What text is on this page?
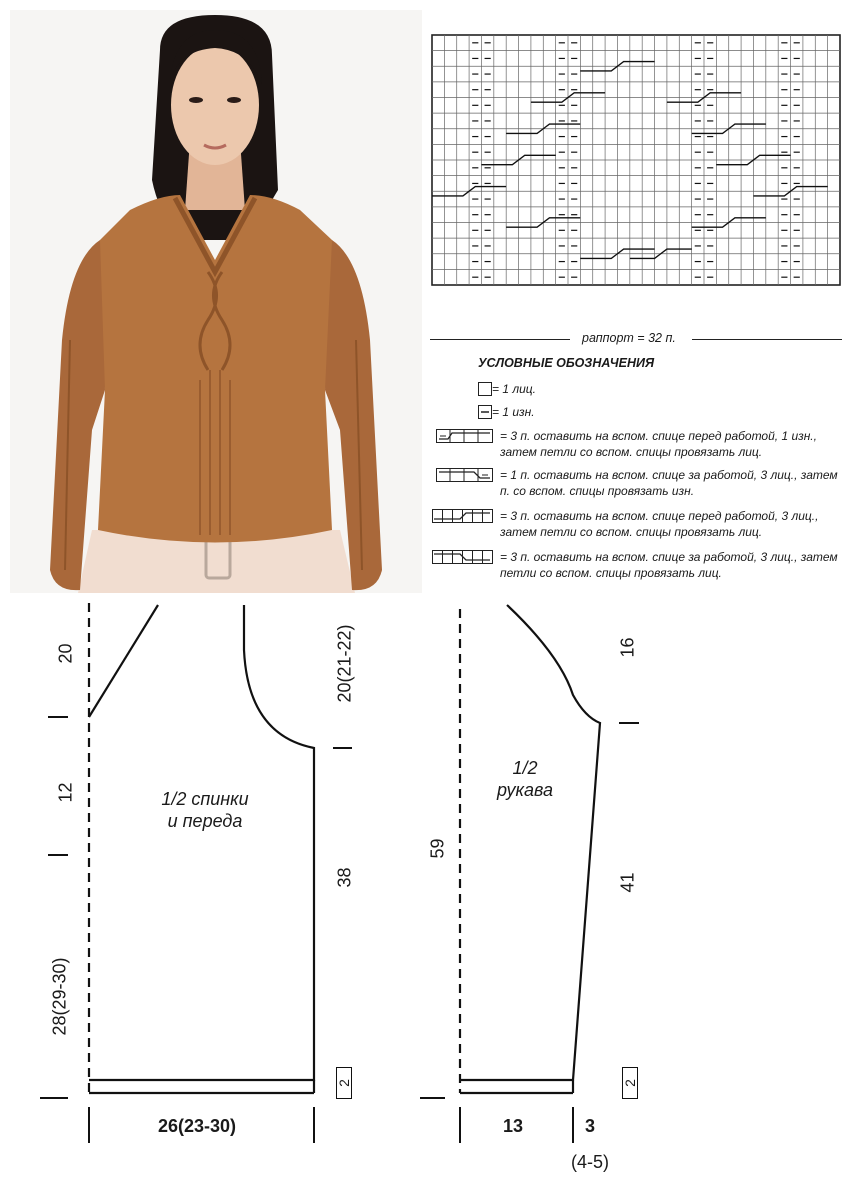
раппорт = 32 п.
УСЛОВНЫЕ ОБОЗНАЧЕНИЯ
= 1 лиц.
= 1 изн.
= 3 п. оставить на вспом. спице перед работой, 1 изн., затем петли со вспом. спицы провязать лиц.
= 1 п. оставить на вспом. спице за работой, 3 лиц., затем п. со вспом. спицы провязать изн.
= 3 п. оставить на вспом. спице перед работой, 3 лиц., затем петли со вспом. спицы провязать лиц.
= 3 п. оставить на вспом. спице за работой, 3 лиц., затем петли со вспом. спицы провязать лиц.
1/2 спинки
и переда
20	20(21-22)
12
38
28(29-30)
2
26(23-30)
1/2
рукава
16
59
41
2
13	3
(4-5)
